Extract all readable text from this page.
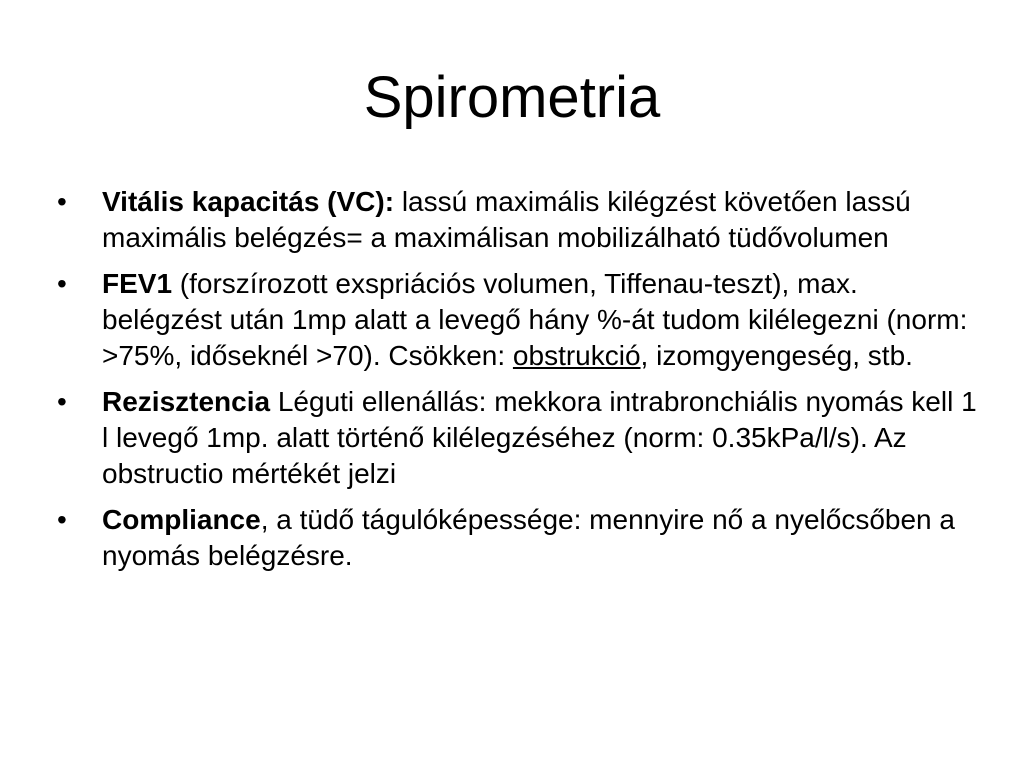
Spirometria
•	Vitális kapacitás (VC): lassú maximális kilégzést követően lassú maximális belégzés= a maximálisan mobilizálható tüdővolumen
•	FEV1 (forszírozott exspriációs volumen, Tiffenau-teszt), max. belégzést után 1mp alatt a levegő hány %-át tudom kilélegezni (norm: >75%, időseknél >70). Csökken: obstrukció, izomgyengeség, stb.
•	Rezisztencia Léguti ellenállás: mekkora intrabronchiális nyomás kell 1 l levegő 1mp. alatt történő kilélegzéséhez (norm: 0.35kPa/l/s). Az obstructio mértékét jelzi
•	Compliance, a tüdő tágulóképessége: mennyire nő a nyelőcsőben a nyomás belégzésre.
